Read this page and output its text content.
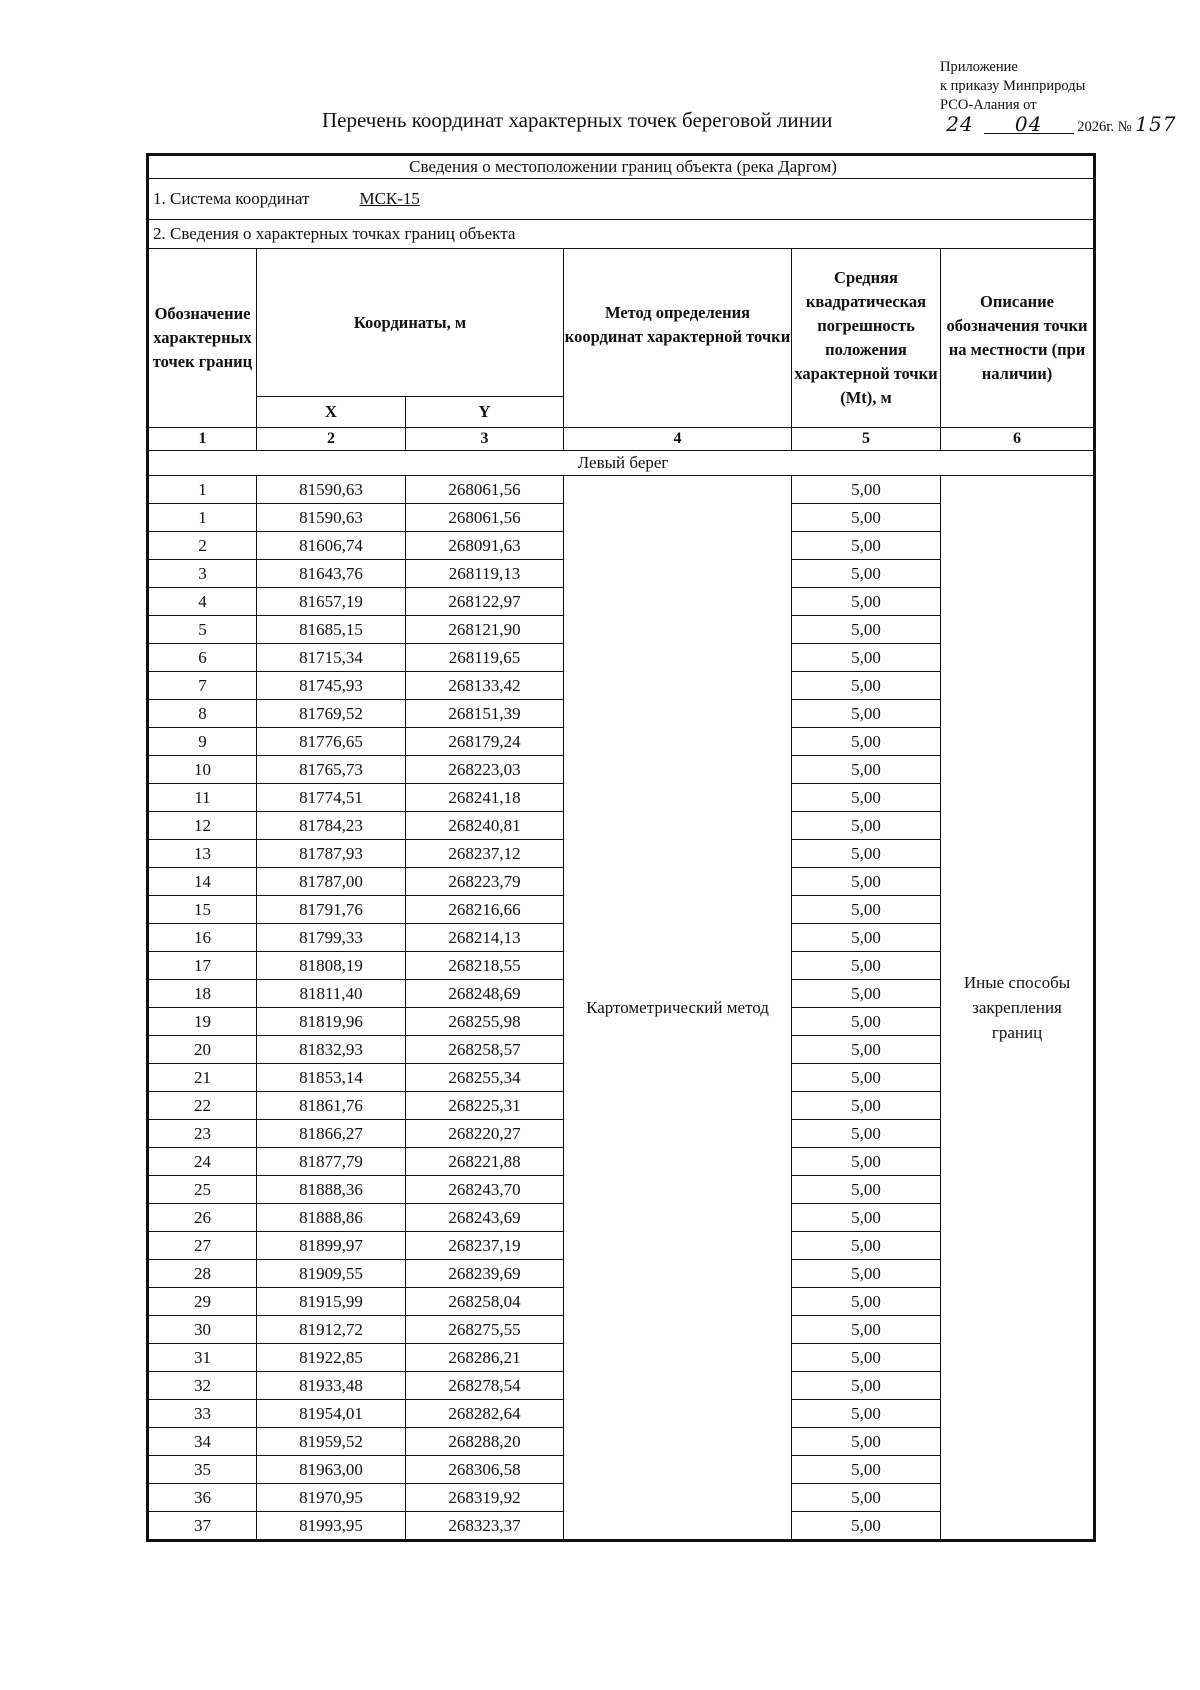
Приложение
к приказу Минприроды
РСО-Алания от
24 04 2026г. № 157
Перечень координат характерных точек береговой линии
Сведения о местоположении границ объекта (река Даргом)					
1. Система координат МСК-15					
2. Сведения о характерных точках границ объекта					
Обозначение характерных точек границ	Координаты, м		Метод определения координат характерной точки	Средняя квадратическая погрешность положения характерной точки (Mt), м	Описание обозначения точки на местности (при наличии)
	X	Y			
1	2	3	4	5	6
Левый берег					
1	81590,63	268061,56	Картометрический метод	5,00	Иные способы закрепления границ
1	81590,63	268061,56		5,00	
2	81606,74	268091,63		5,00	
3	81643,76	268119,13		5,00	
4	81657,19	268122,97		5,00	
5	81685,15	268121,90		5,00	
6	81715,34	268119,65		5,00	
7	81745,93	268133,42		5,00	
8	81769,52	268151,39		5,00	
9	81776,65	268179,24		5,00	
10	81765,73	268223,03		5,00	
11	81774,51	268241,18		5,00	
12	81784,23	268240,81		5,00	
13	81787,93	268237,12		5,00	
14	81787,00	268223,79		5,00	
15	81791,76	268216,66		5,00	
16	81799,33	268214,13		5,00	
17	81808,19	268218,55		5,00	
18	81811,40	268248,69		5,00	
19	81819,96	268255,98		5,00	
20	81832,93	268258,57		5,00	
21	81853,14	268255,34		5,00	
22	81861,76	268225,31		5,00	
23	81866,27	268220,27		5,00	
24	81877,79	268221,88		5,00	
25	81888,36	268243,70		5,00	
26	81888,86	268243,69		5,00	
27	81899,97	268237,19		5,00	
28	81909,55	268239,69		5,00	
29	81915,99	268258,04		5,00	
30	81912,72	268275,55		5,00	
31	81922,85	268286,21		5,00	
32	81933,48	268278,54		5,00	
33	81954,01	268282,64		5,00	
34	81959,52	268288,20		5,00	
35	81963,00	268306,58		5,00	
36	81970,95	268319,92		5,00	
37	81993,95	268323,37		5,00	
